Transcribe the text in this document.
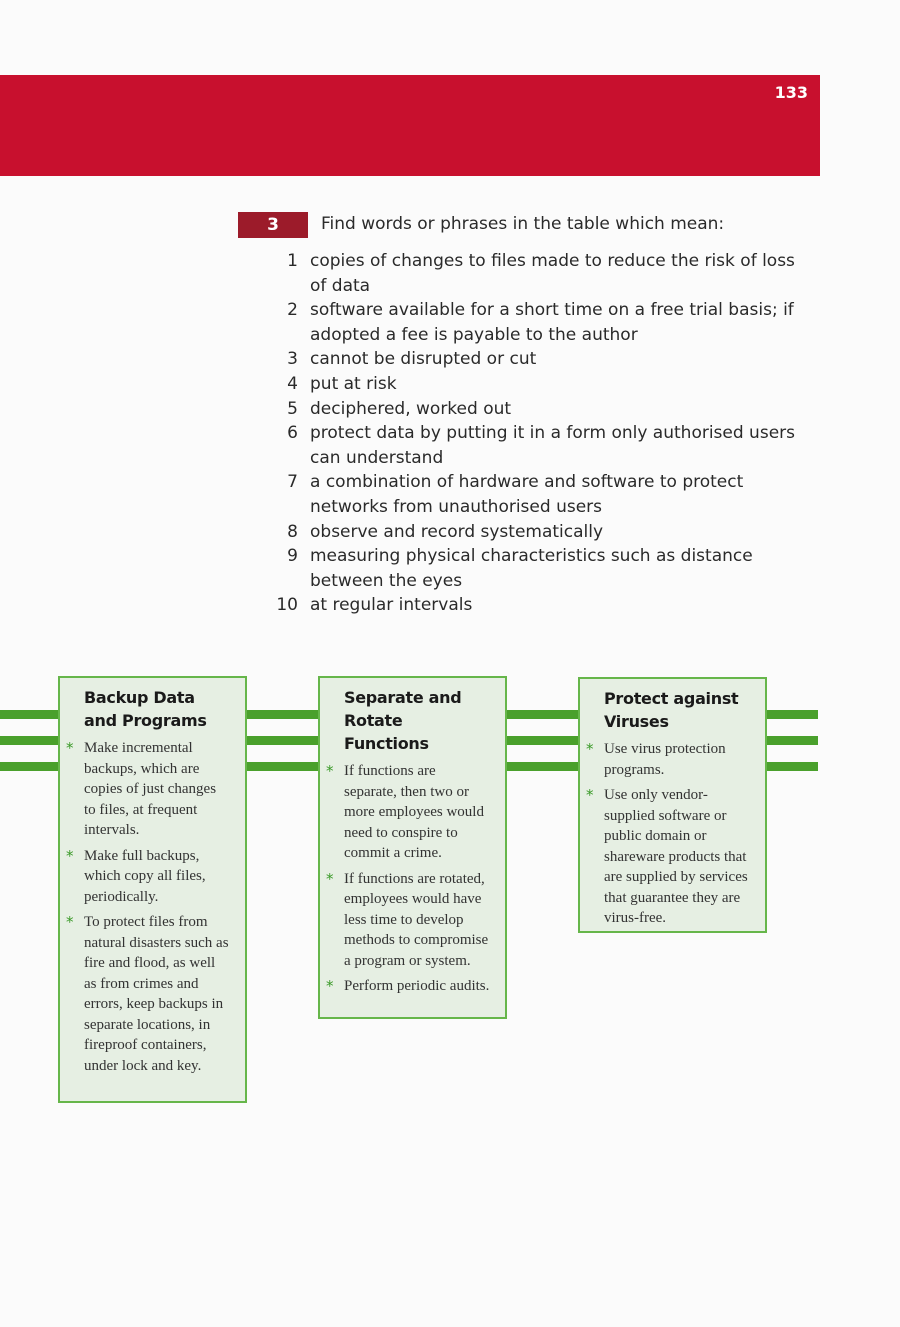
133
3	Find words or phrases in the table which mean:
1 copies of changes to files made to reduce the risk of loss of data
2 software available for a short time on a free trial basis; if adopted a fee is payable to the author
3 cannot be disrupted or cut
4 put at risk
5 deciphered, worked out
6 protect data by putting it in a form only authorised users can understand
7 a combination of hardware and software to protect networks from unauthorised users
8 observe and record systematically
9 measuring physical characteristics such as distance between the eyes
10 at regular intervals
Backup Data and Programs
* Make incremental backups, which are copies of just changes to files, at frequent intervals.
* Make full backups, which copy all files, periodically.
* To protect files from natural disasters such as fire and flood, as well as from crimes and errors, keep backups in separate locations, in fireproof containers, under lock and key.
Separate and Rotate Functions
* If functions are separate, then two or more employees would need to conspire to commit a crime.
* If functions are rotated, employees would have less time to develop methods to compromise a program or system.
* Perform periodic audits.
Protect against Viruses
* Use virus protection programs.
* Use only vendor-supplied software or public domain or shareware products that are supplied by services that guarantee they are virus-free.
